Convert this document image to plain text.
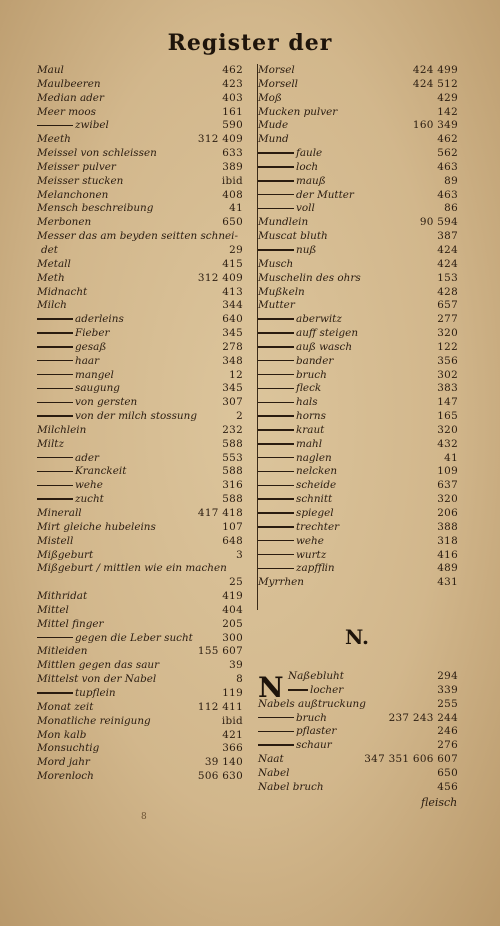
Register der
Maul	462
Maulbeeren	423
Median ader	403
Meer moos	161
zwibel	590
Meeth	312 409
Meissel von schleissen	633
Meisser pulver	389
Meisser stucken	ibid
Melanchonen	408
Mensch beschreibung	41
Merbonen	650
Messer das am beyden seitten schnei-
det	29
Metall	415
Meth	312 409
Midnacht	413
Milch	344
aderleins	640
Fieber	345
gesaß	278
haar	348
mangel	12
saugung	345
von gersten	307
von der milch stossung	2
Milchlein	232
Miltz	588
ader	553
Kranckeit	588
wehe	316
zucht	588
Minerall	417 418
Mirt gleiche hubeleins	107
Mistell	648
Mißgeburt	3
Mißgeburt / mittlen wie ein machen
25
Mithridat	419
Mittel	404
Mittel finger	205
gegen die Leber sucht	300
Mitleiden	155 607
Mittlen gegen das saur	39
Mittelst von der Nabel	8
tupflein	119
Monat zeit	112 411
Monatliche reinigung	ibid
Mon kalb	421
Monsuchtig	366
Mord jahr	39 140
Morenloch	506 630
Morsel	424 499
Morsell	424 512
Moß	429
Mucken pulver	142
Mude	160 349
Mund	462
faule	562
loch	463
mauß	89
der Mutter	463
voll	86
Mundlein	90 594
Muscat bluth	387
nuß	424
Musch	424
Muschelin des ohrs	153
Mußkeln	428
Mutter	657
aberwitz	277
auff steigen	320
auß wasch	122
bander	356
bruch	302
fleck	383
hals	147
horns	165
kraut	320
mahl	432
naglen	41
nelcken	109
scheide	637
schnitt	320
spiegel	206
trechter	388
wehe	318
wurtz	416
zapfflin	489
Myrrhen	431
N.
N Naßebluht	294
locher	339
Nabels außtruckung	255
bruch	237 243 244
pflaster	246
schaur	276
Naat	347 351 606 607
Nabel	650
Nabel bruch	456
fleisch
8
